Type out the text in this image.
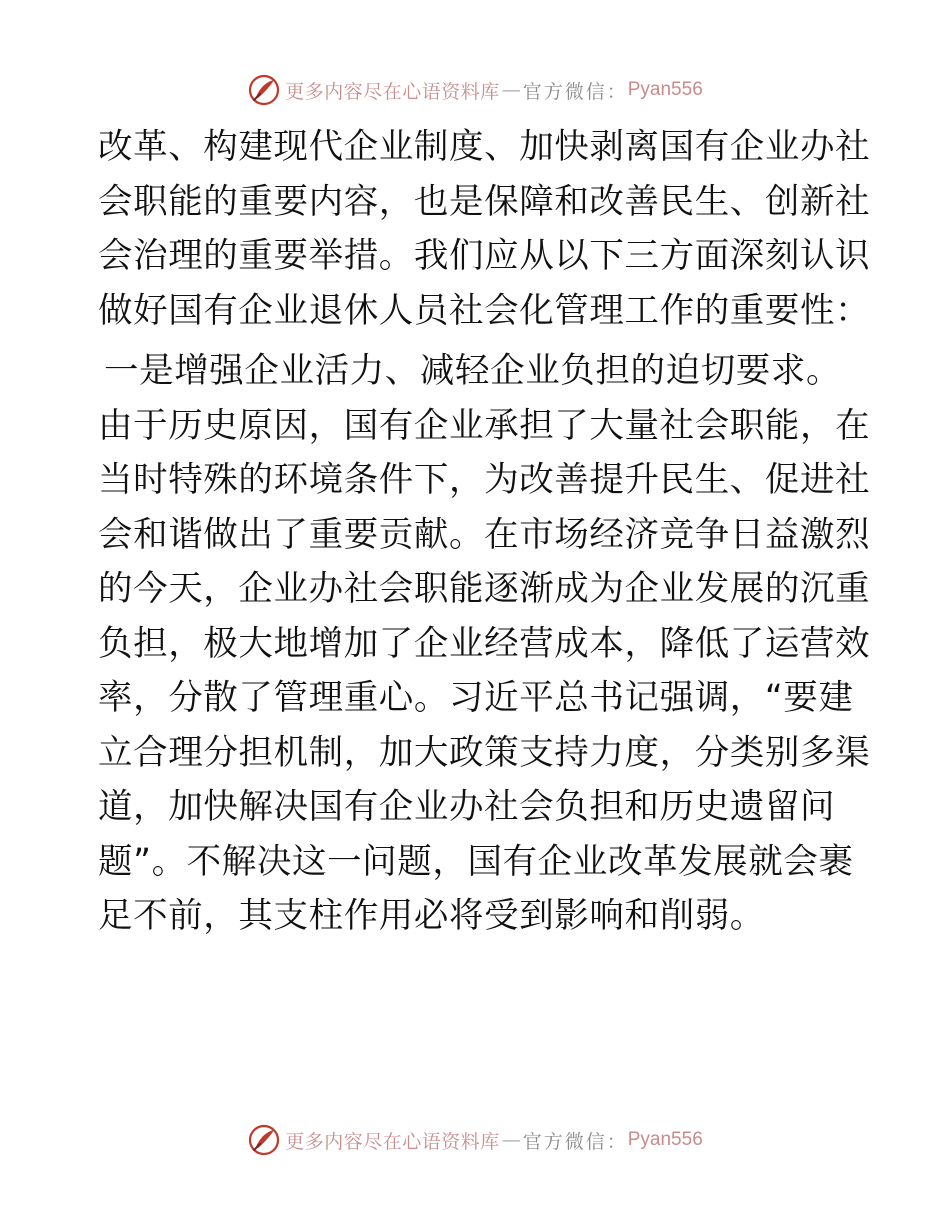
更多内容尽在心语资料库 — 官方微信： Pyan556
改革、构建现代企业制度、加快剥离国有企业办社
会职能的重要内容，也是保障和改善民生、创新社
会治理的重要举措。我们应从以下三方面深刻认识
做好国有企业退休人员社会化管理工作的重要性：
一是增强企业活力、减轻企业负担的迫切要求。
由于历史原因，国有企业承担了大量社会职能，在
当时特殊的环境条件下，为改善提升民生、促进社
会和谐做出了重要贡献。在市场经济竞争日益激烈
的今天，企业办社会职能逐渐成为企业发展的沉重
负担，极大地增加了企业经营成本，降低了运营效
率，分散了管理重心。习近平总书记强调，“要建
立合理分担机制，加大政策支持力度，分类别多渠
道，加快解决国有企业办社会负担和历史遗留问
题”。不解决这一问题，国有企业改革发展就会裹
足不前，其支柱作用必将受到影响和削弱。
更多内容尽在心语资料库 — 官方微信： Pyan556
